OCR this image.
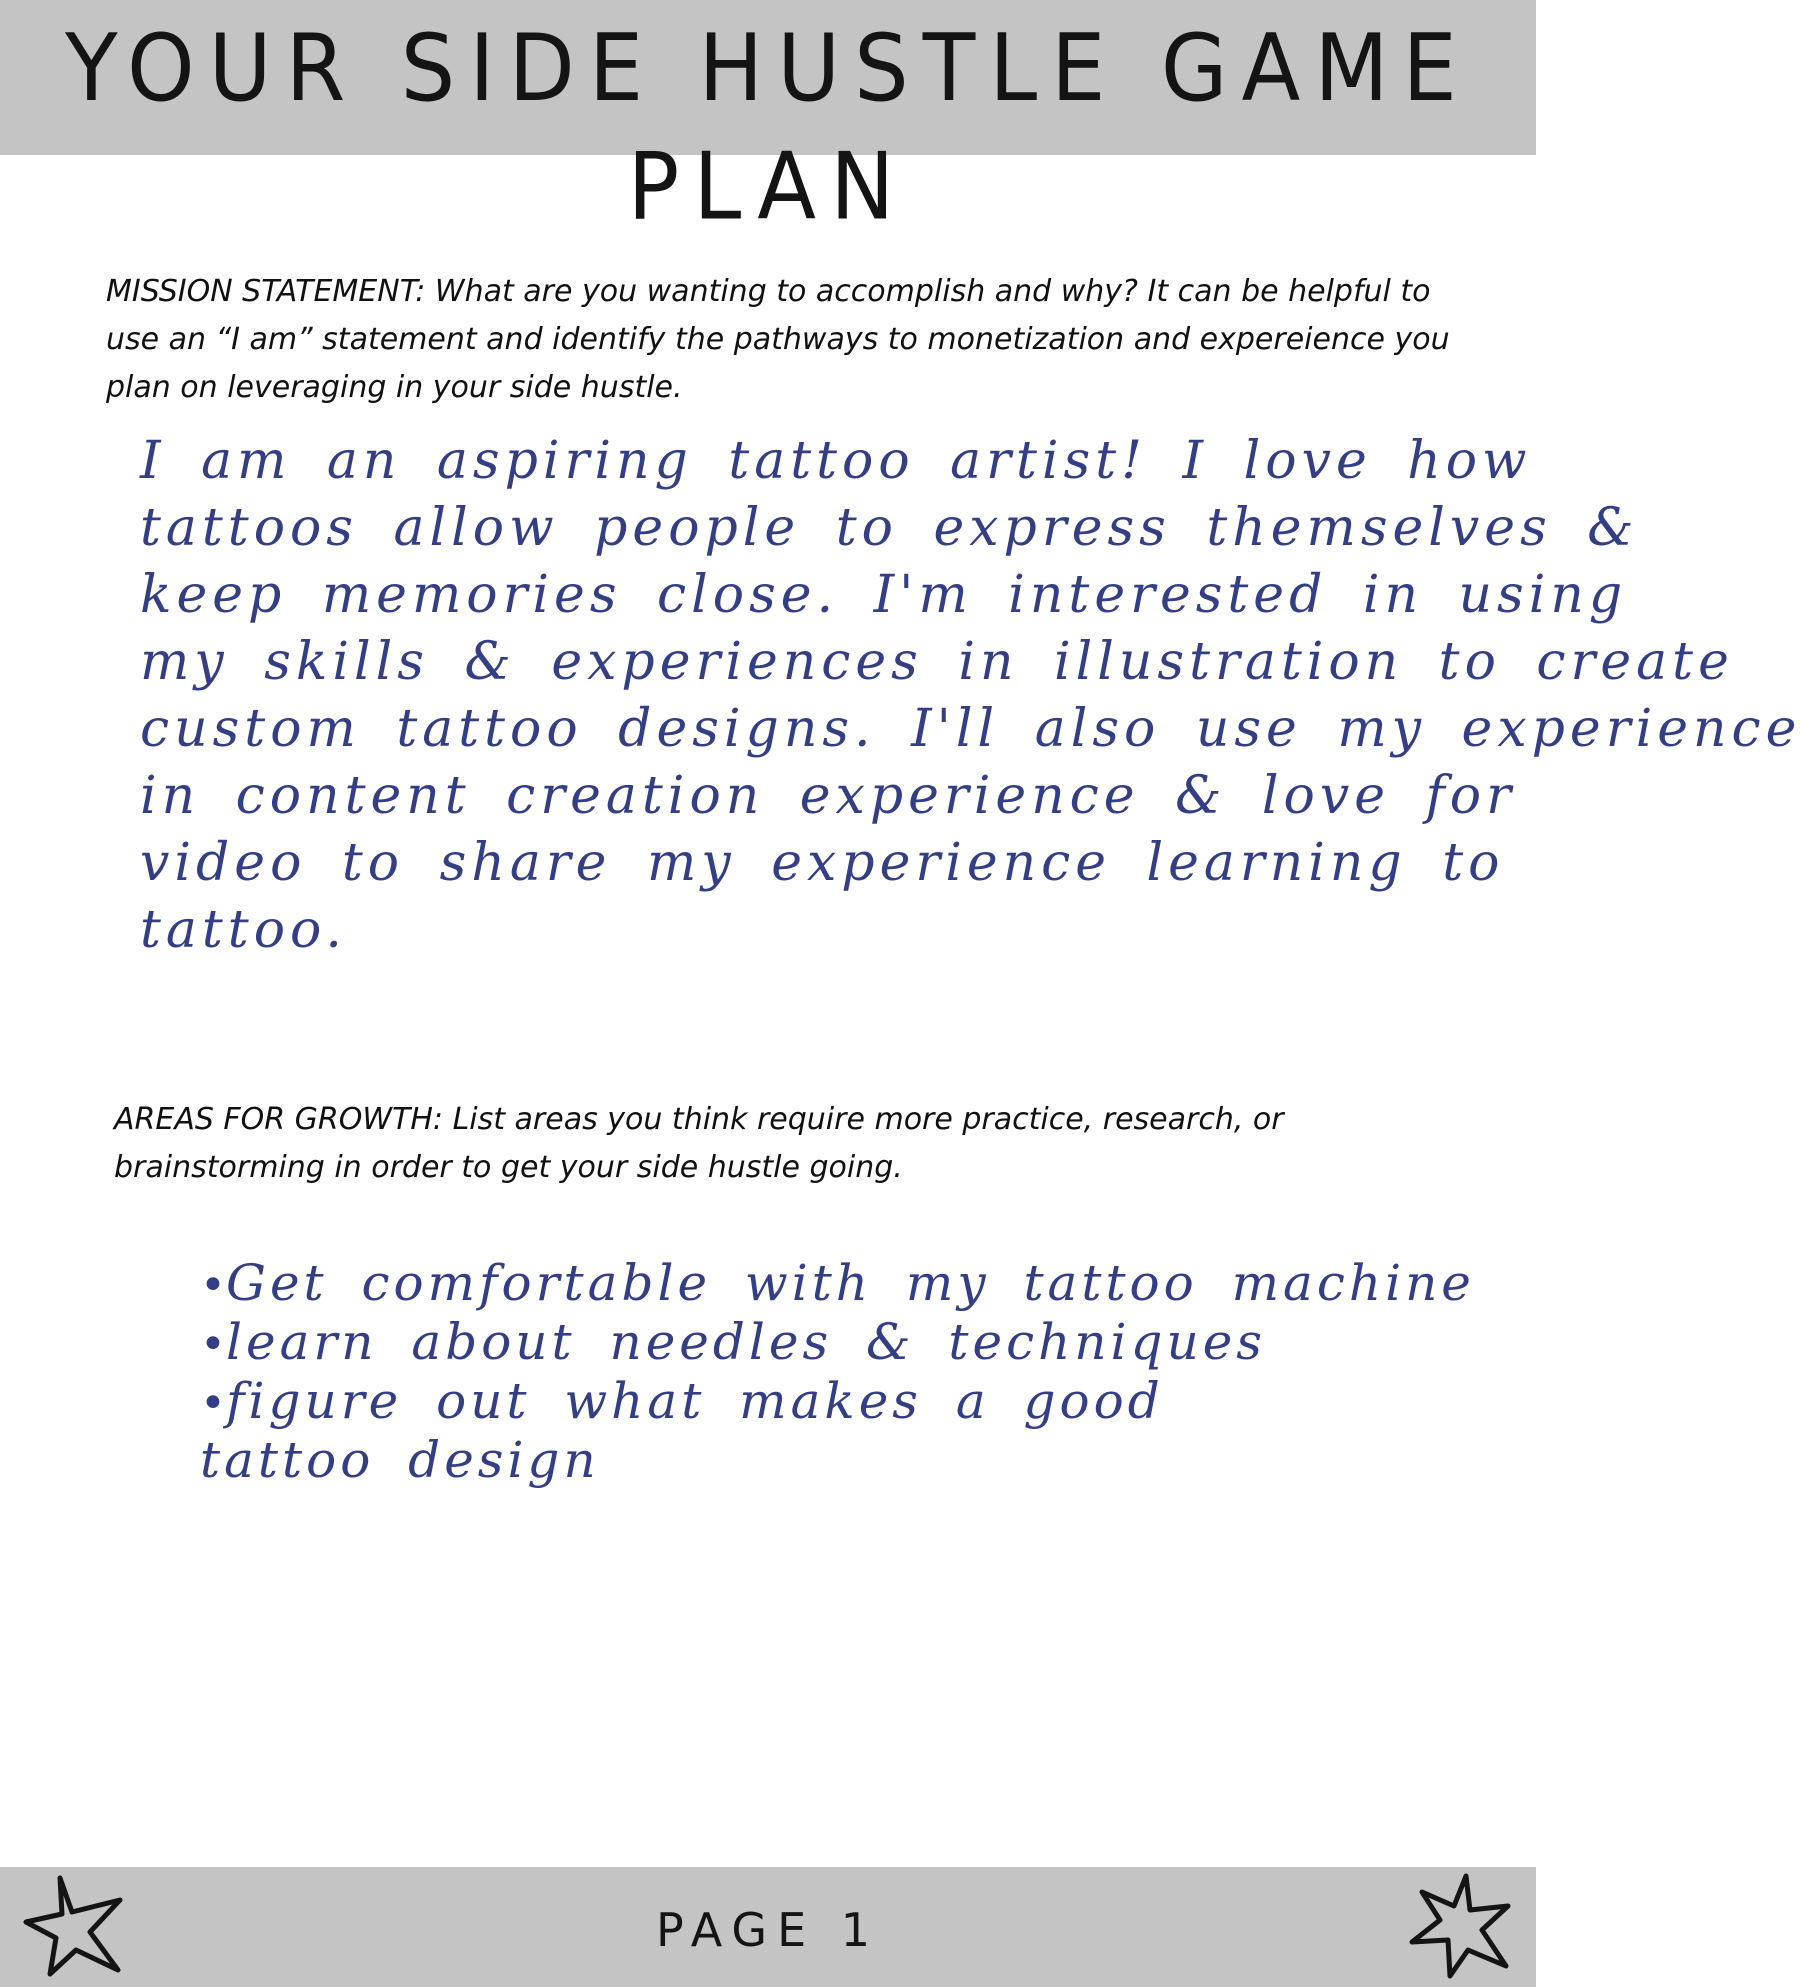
YOUR SIDE HUSTLE GAME PLAN
MISSION STATEMENT: What are you wanting to accomplish and why? It can be helpful to use an “I am” statement and identify the pathways to monetization and expereience you plan on leveraging in your side hustle.
I am an aspiring tattoo artist! I love how
tattoos allow people to express themselves &
keep memories close. I'm interested in using
my skills & experiences in illustration to create
custom tattoo designs. I'll also use my experience
in content creation experience & love for
video to share my experience learning to
tattoo.
AREAS FOR GROWTH: List areas you think require more practice, research, or brainstorming in order to get your side hustle going.
•Get comfortable with my tattoo machine
•learn about needles & techniques
•figure out what makes a good tattoo design
PAGE 1
